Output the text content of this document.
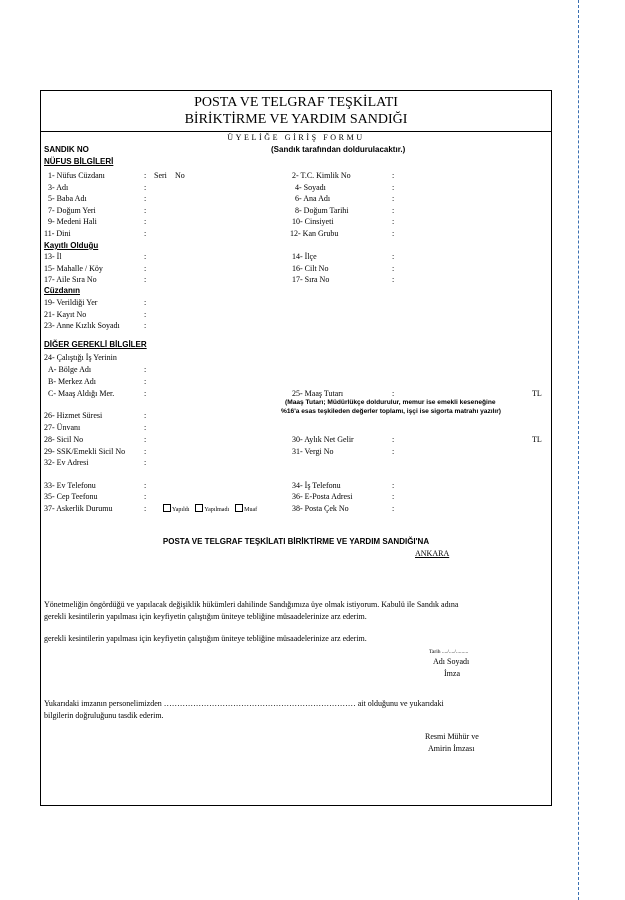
POSTA VE TELGRAF TEŞKİLATI
BİRİKTİRME VE YARDIM SANDIĞI
ÜYELİĞE GİRİŞ FORMU
SANDIK NO	(Sandık tarafından doldurulacaktır.)
NÜFUS BİLGİLERİ
1- Nüfus Cüzdanı	: Seri No	2- T.C. Kimlik No	:
3- Adı	:	4- Soyadı	:
5- Baba Adı	:	6- Ana Adı	:
7- Doğum Yeri	:	8- Doğum Tarihi	:
9- Medeni Hali	:	10- Cinsiyeti	:
11- Dini	:	12- Kan Grubu	:
Kayıtlı Olduğu
13- İl	:	14- İlçe	:
15- Mahalle / Köy	:	16- Cilt No	:
17- Aile Sıra No	:	17- Sıra No	:
Cüzdanın
19- Verildiği Yer	:
21- Kayıt No	:
23- Anne Kızlık Soyadı	:
DİĞER GEREKLİ BİLGİLER
24- Çalıştığı İş Yerinin
A- Bölge Adı	:
B- Merkez Adı	:
C- Maaş Aldığı Mer.	:	25- Maaş Tutarı	:	TL
(Maaş Tutarı; Müdürlükçe doldurulur, memur ise emekli keseneğine
%16'a esas teşkileden değerler toplamı, işçi ise sigorta matrahı yazılır)
26- Hizmet Süresi	:
27- Ünvanı	:
28- Sicil No	:	30- Aylık Net Gelir	:	TL
29- SSK/Emekli Sicil No :	31- Vergi No	:
32- Ev Adresi	:
33- Ev Telefonu	:	34- İş Telefonu	:
35- Cep Teefonu	:	36- E-Posta Adresi	:
37- Askerlik Durumu	:	Yapıldı	Yapılmadı	Muaf	38- Posta Çek No	:
POSTA VE TELGRAF TEŞKİLATI BİRİKTİRME VE YARDIM SANDIĞI'NA
ANKARA
Yönetmeliğin öngördüğü ve yapılacak değişiklik hükümleri dahilinde Sandığımıza üye olmak istiyorum. Kabulü ile Sandık adına
gerekli kesintilerin yapılması için keyfiyetin çalıştığım üniteye tebliğine müsaadelerinize arz ederim.
gerekli kesintilerin yapılması için keyfiyetin çalıştığım üniteye tebliğine müsaadelerinize arz ederim.
Tarih ..../..../.........
Adı Soyadı
İmza
Yukarıdaki imzanın personelimizden ……………………………………………………………… ait olduğunu ve yukarıdaki
bilgilerin doğruluğunu tasdik ederim.
Resmi Mühür ve
Amirin İmzası
